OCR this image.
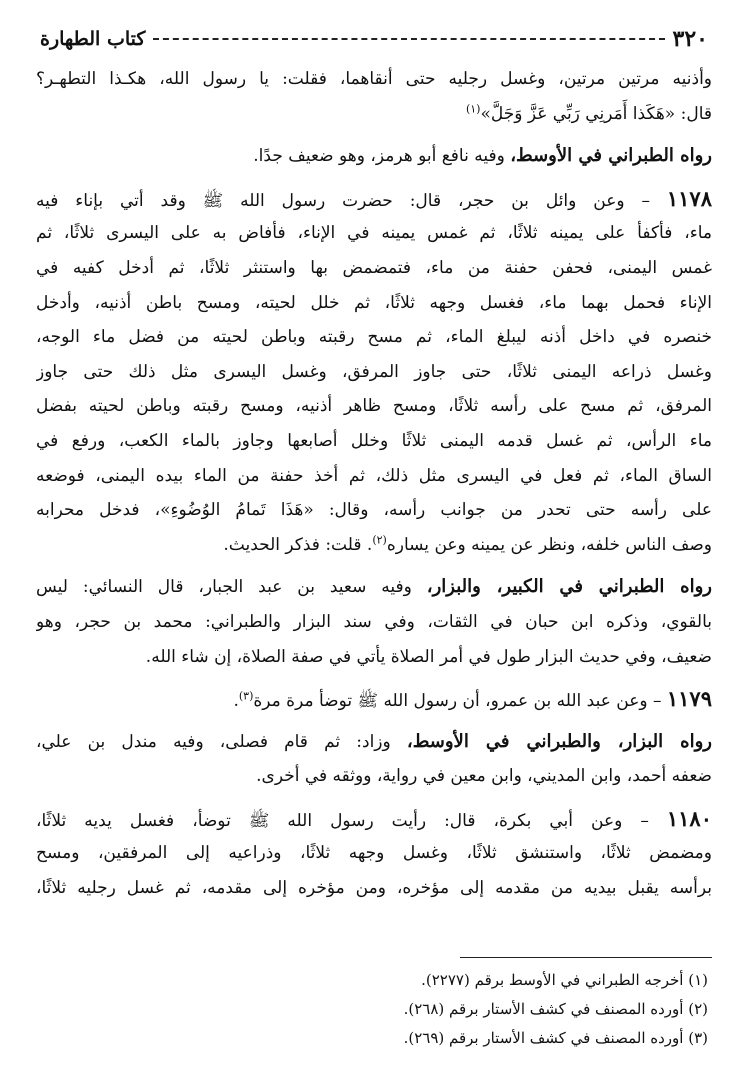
٣٢٠
كتاب الطهارة
وأذنيه مرتين مرتين، وغسل رجليه حتى أنقاهما، فقلت: يا رسول الله، هكـذا التطهـر؟
قال: «هَكَذا أَمَرنِي رَبِّي عَزَّ وَجَلَّ»$^{(١)}$
رواه الطبراني في الأوسط، وفيه نافع أبو هرمز، وهو ضعيف جدًا.
١١٧٨ – وعن وائل بن حجر، قال: حضرت رسول الله ﷺ وقد أتي بإناء فيه
ماء، فأكفأ على يمينه ثلاثًا، ثم غمس يمينه في الإناء، فأفاض به على اليسرى ثلاثًا، ثم
غمس اليمنى، فحفن حفنة من ماء، فتمضمض بها واستنثر ثلاثًا، ثم أدخل كفيه في
الإناء فحمل بهما ماء، فغسل وجهه ثلاثًا، ثم خلل لحيته، ومسح باطن أذنيه، وأدخل
خنصره في داخل أذنه ليبلغ الماء، ثم مسح رقبته وباطن لحيته من فضل ماء الوجه،
وغسل ذراعه اليمنى ثلاثًا، حتى جاوز المرفق، وغسل اليسرى مثل ذلك حتى جاوز
المرفق، ثم مسح على رأسه ثلاثًا، ومسح ظاهر أذنيه، ومسح رقبته وباطن لحيته بفضل
ماء الرأس، ثم غسل قدمه اليمنى ثلاثًا وخلل أصابعها وجاوز بالماء الكعب، ورفع في
الساق الماء، ثم فعل في اليسرى مثل ذلك، ثم أخذ حفنة من الماء بيده اليمنى، فوضعه
على رأسه حتى تحدر من جوانب رأسه، وقال: «هَذَا تَمامُ الوُضُوءِ»، فدخل محرابه
وصف الناس خلفه، ونظر عن يمينه وعن يساره$^{(٢)}$. قلت: فذكر الحديث.
رواه الطبراني في الكبير، والبزار، وفيه سعيد بن عبد الجبار، قال النسائي: ليس
بالقوي، وذكره ابن حبان في الثقات، وفي سند البزار والطبراني: محمد بن حجر، وهو
ضعيف، وفي حديث البزار طول في أمر الصلاة يأتي في صفة الصلاة، إن شاء الله.
١١٧٩ – وعن عبد الله بن عمرو، أن رسول الله ﷺ توضأ مرة مرة$^{(٣)}$.
رواه البزار، والطبراني في الأوسط، وزاد: ثم قام فصلى، وفيه مندل بن علي،
ضعفه أحمد، وابن المديني، وابن معين في رواية، ووثقه في أخرى.
١١٨٠ – وعن أبي بكرة، قال: رأيت رسول الله ﷺ توضأ، فغسل يديه ثلاثًا،
ومضمض ثلاثًا، واستنشق ثلاثًا، وغسل وجهه ثلاثًا، وذراعيه إلى المرفقين، ومسح
برأسه يقبل بيديه من مقدمه إلى مؤخره، ومن مؤخره إلى مقدمه، ثم غسل رجليه ثلاثًا،
(١) أخرجه الطبراني في الأوسط برقم (٢٢٧٧).
(٢) أورده المصنف في كشف الأستار برقم (٢٦٨).
(٣) أورده المصنف في كشف الأستار برقم (٢٦٩).
